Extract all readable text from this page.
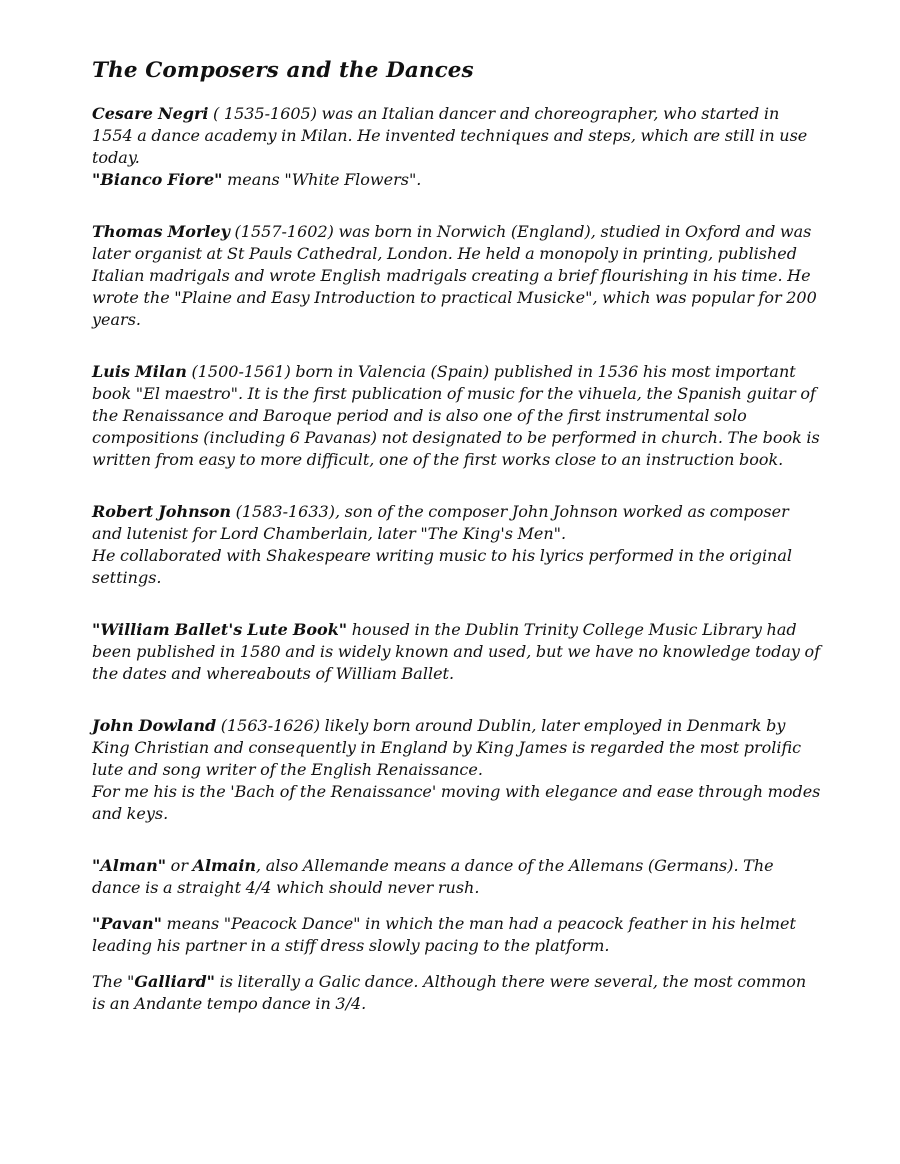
The Composers and the Dances

Cesare Negri ( 1535-1605) was an Italian dancer and choreographer, who started in 1554 a dance academy in Milan. He invented techniques and steps, which are still in use today.
"Bianco Fiore" means "White Flowers".

Thomas Morley (1557-1602) was born in Norwich (England), studied in Oxford and was later organist at St Pauls Cathedral, London. He held a monopoly in printing, published Italian madrigals and wrote English madrigals creating a brief flourishing in his time. He wrote the "Plaine and Easy Introduction to practical Musicke", which was popular for 200 years.

Luis Milan (1500-1561) born in Valencia (Spain) published in 1536 his most important book "El maestro". It is the first publication of music for the vihuela, the Spanish guitar of the Renaissance and Baroque period and is also one of the first instrumental solo compositions (including 6 Pavanas) not designated to be performed in church. The book is written from easy to more difficult, one of the first works close to an instruction book.

Robert Johnson (1583-1633), son of the composer John Johnson worked as composer and lutenist for Lord Chamberlain, later "The King's Men".
He collaborated with Shakespeare writing music to his lyrics performed in the original settings.

"William Ballet's Lute Book" housed in the Dublin Trinity College Music Library had been published in 1580 and is widely known and used, but we have no knowledge today of the dates and whereabouts of William Ballet.

John Dowland (1563-1626) likely born around Dublin, later employed in Denmark by King Christian and consequently in England by King James is regarded the most prolific lute and song writer of the English Renaissance.
For me his is the 'Bach of the Renaissance' moving with elegance and ease through modes and keys.

"Alman" or Almain, also Allemande means a dance of the Allemans (Germans). The dance is a straight 4/4 which should never rush.

"Pavan" means "Peacock Dance" in which the man had a peacock feather in his helmet leading his partner in a stiff dress slowly pacing to the platform.

The "Galliard" is literally a Galic dance. Although there were several, the most common is an Andante tempo dance in 3/4.
